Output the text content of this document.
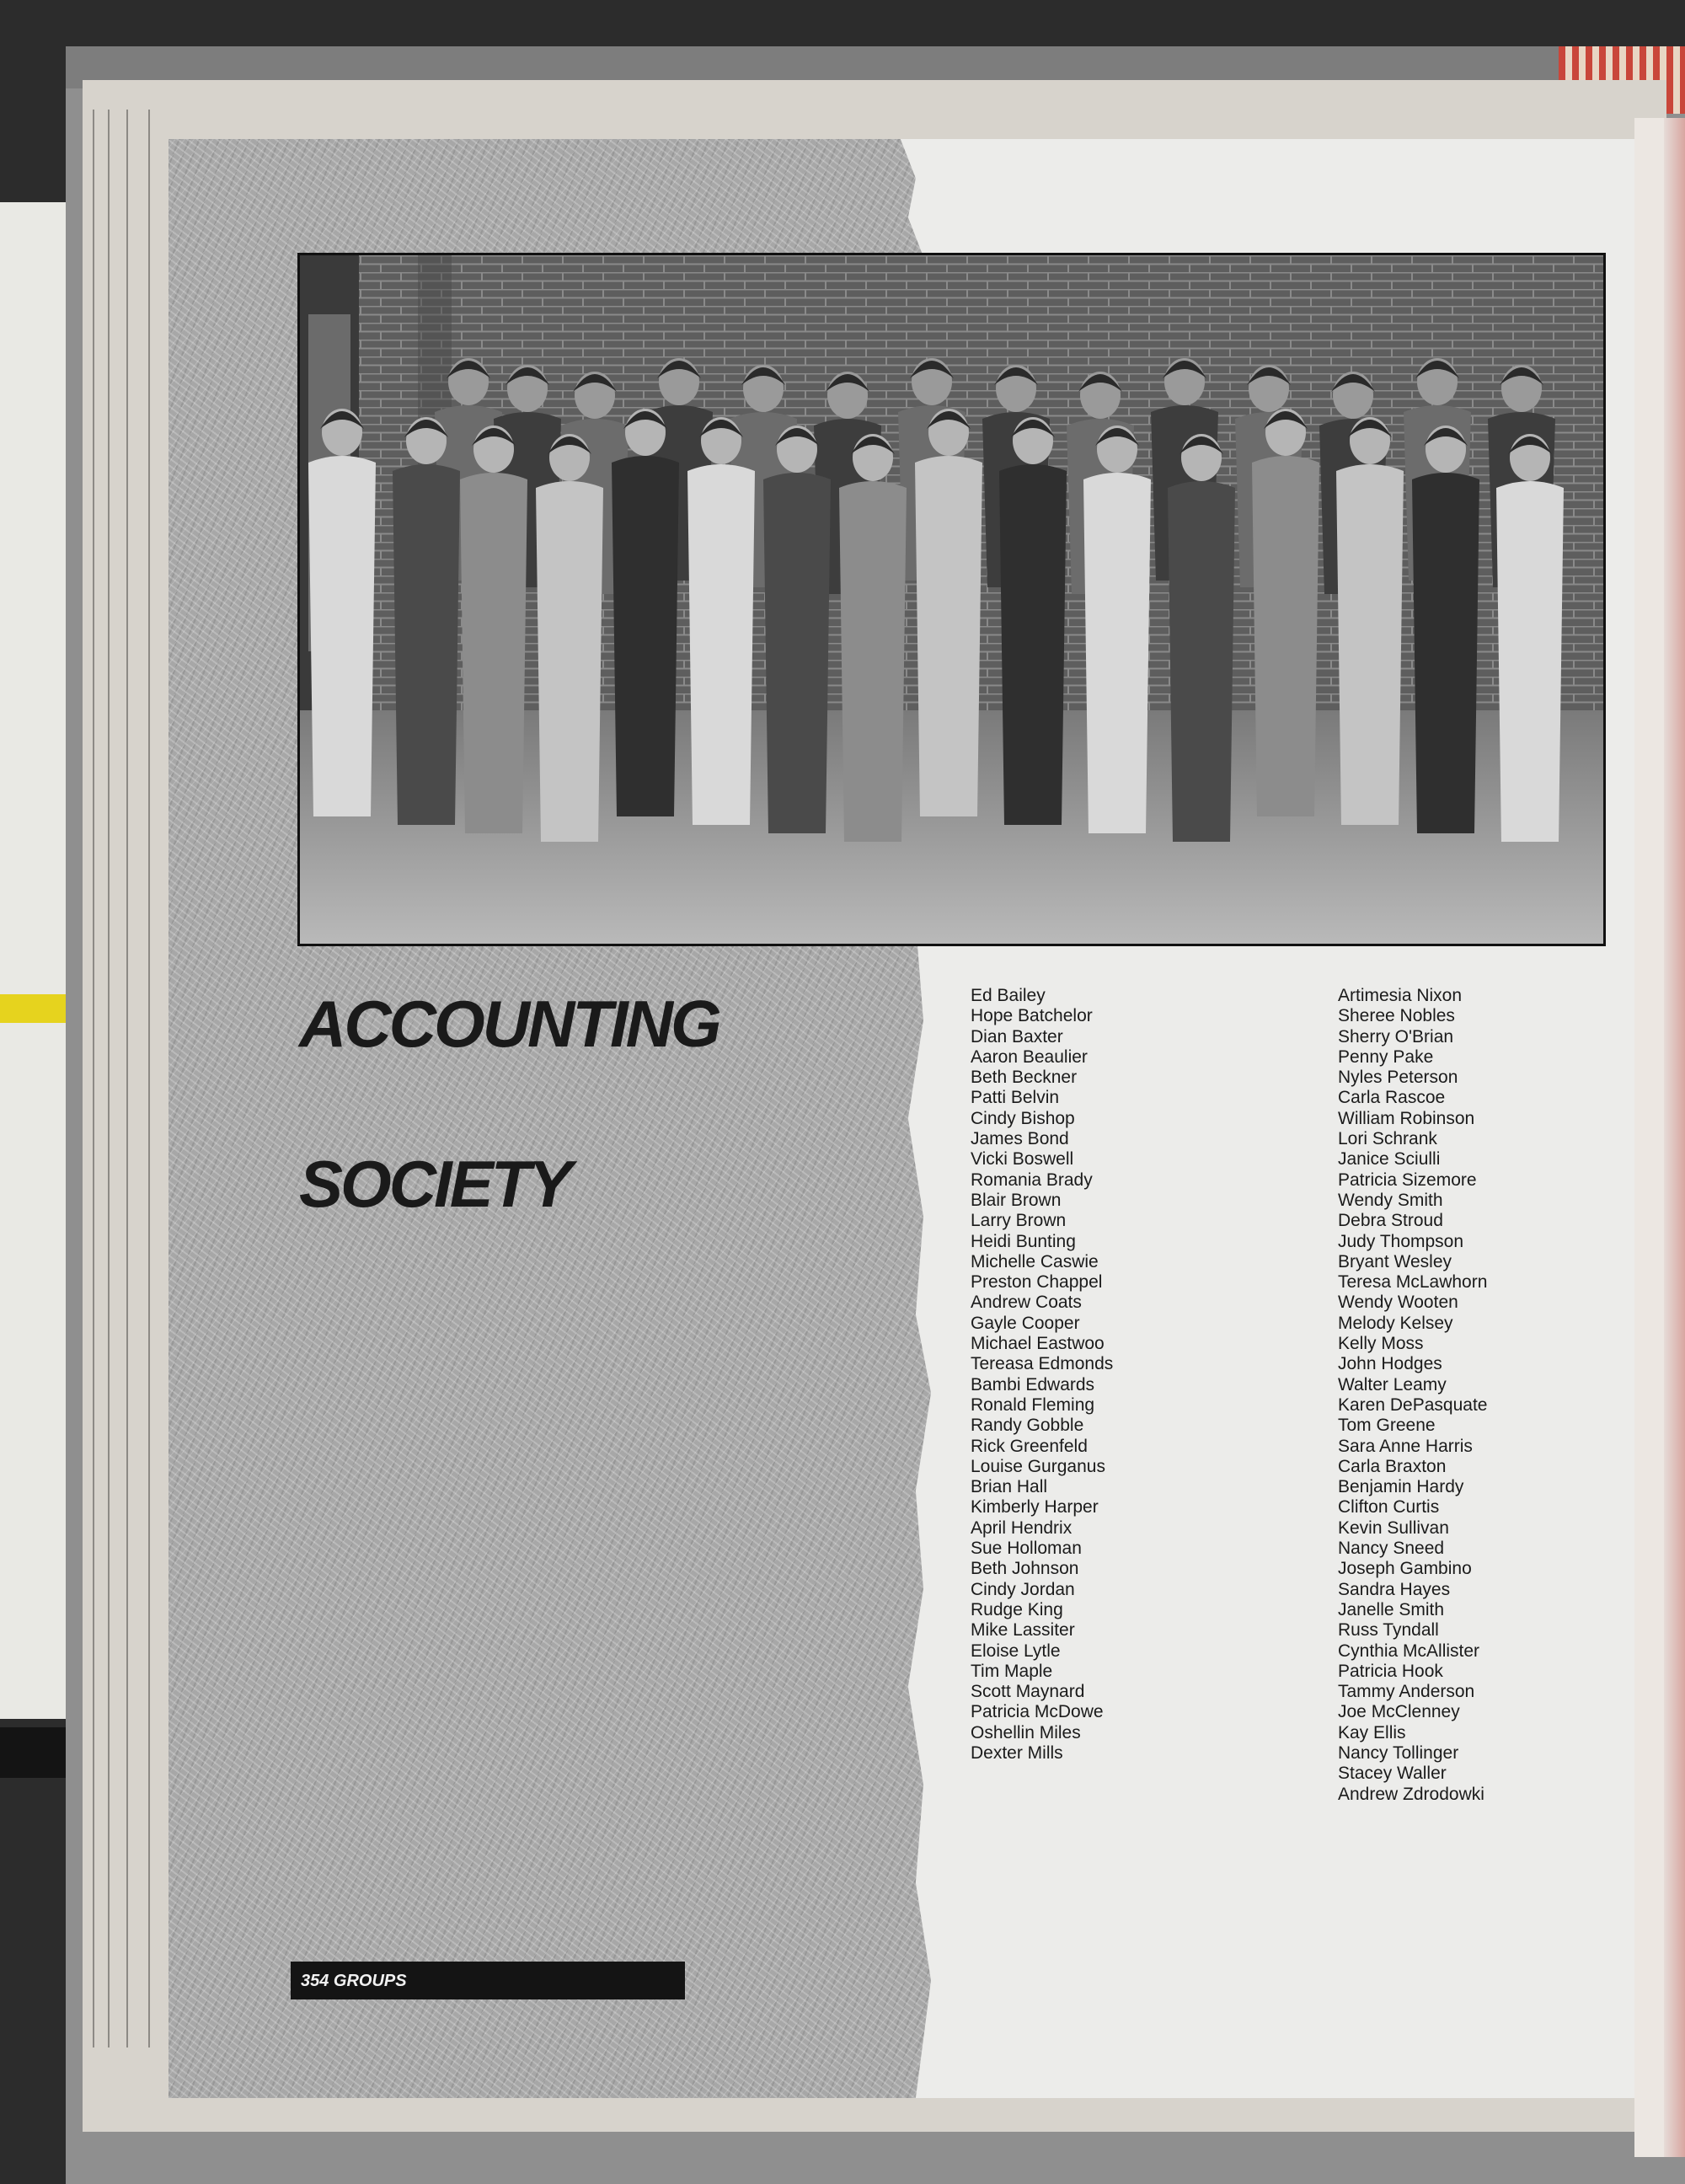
ACCOUNTING
SOCIETY
Ed Bailey
Hope Batchelor
Dian Baxter
Aaron Beaulier
Beth Beckner
Patti Belvin
Cindy Bishop
James Bond
Vicki Boswell
Romania Brady
Blair Brown
Larry Brown
Heidi Bunting
Michelle Caswie
Preston Chappel
Andrew Coats
Gayle Cooper
Michael Eastwoo
Tereasa Edmonds
Bambi Edwards
Ronald Fleming
Randy Gobble
Rick Greenfeld
Louise Gurganus
Brian Hall
Kimberly Harper
April Hendrix
Sue Holloman
Beth Johnson
Cindy Jordan
Rudge King
Mike Lassiter
Eloise Lytle
Tim Maple
Scott Maynard
Patricia McDowe
Oshellin Miles
Dexter Mills
Artimesia Nixon
Sheree Nobles
Sherry O'Brian
Penny Pake
Nyles Peterson
Carla Rascoe
William Robinson
Lori Schrank
Janice Sciulli
Patricia Sizemore
Wendy Smith
Debra Stroud
Judy Thompson
Bryant Wesley
Teresa McLawhorn
Wendy Wooten
Melody Kelsey
Kelly Moss
John Hodges
Walter Leamy
Karen DePasquate
Tom Greene
Sara Anne Harris
Carla Braxton
Benjamin Hardy
Clifton Curtis
Kevin Sullivan
Nancy Sneed
Joseph Gambino
Sandra Hayes
Janelle Smith
Russ Tyndall
Cynthia McAllister
Patricia Hook
Tammy Anderson
Joe McClenney
Kay Ellis
Nancy Tollinger
Stacey Waller
Andrew Zdrodowki
354 GROUPS
